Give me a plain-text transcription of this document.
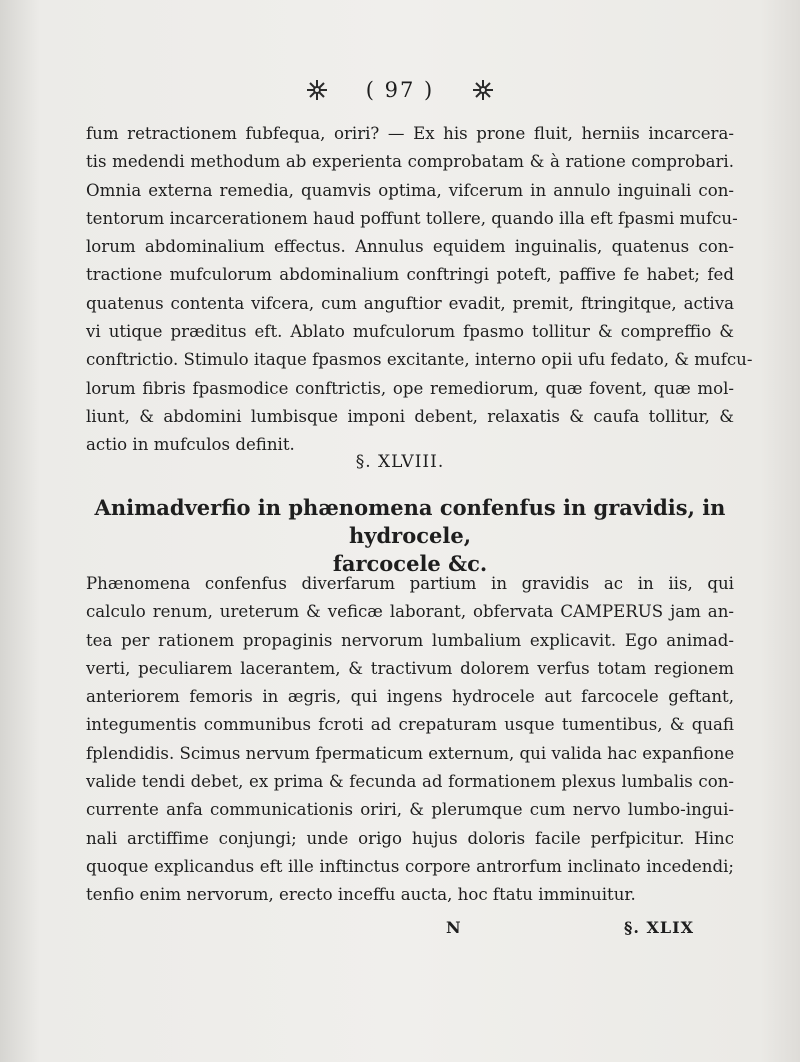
( 97 )
fum retractionem fubfequa, oriri? — Ex his prone fluit, herniis incarcera-
tis medendi methodum ab experienta comprobatam & à ratione comprobari.
Omnia externa remedia, quamvis optima, vifcerum in annulo inguinali con-
tentorum incarcerationem haud poffunt tollere, quando illa eft fpasmi mufcu-
lorum abdominalium effectus. Annulus equidem inguinalis, quatenus con-
tractione mufculorum abdominalium conftringi poteft, paffive fe habet; fed
quatenus contenta vifcera, cum anguftior evadit, premit, ftringitque, activa
vi utique præditus eft. Ablato mufculorum fpasmo tollitur & compreffio &
conftrictio. Stimulo itaque fpasmos excitante, interno opii ufu fedato, & mufcu-
lorum fibris fpasmodice conftrictis, ope remediorum, quæ fovent, quæ mol-
liunt, & abdomini lumbisque imponi debent, relaxatis & caufa tollitur, &
actio in mufculos definit.
§. XLVIII.
Animadverfio in phænomena confenfus in gravidis, in hydrocele,
farcocele &c.
Phænomena confenfus diverfarum partium in gravidis ac in iis, qui
calculo renum, ureterum & veficæ laborant, obfervata CAMPERUS jam an-
tea per rationem propaginis nervorum lumbalium explicavit. Ego animad-
verti, peculiarem lacerantem, & tractivum dolorem verfus totam regionem
anteriorem femoris in ægris, qui ingens hydrocele aut farcocele geftant,
integumentis communibus fcroti ad crepaturam usque tumentibus, & quafi
fplendidis. Scimus nervum fpermaticum externum, qui valida hac expanfione
valide tendi debet, ex prima & fecunda ad formationem plexus lumbalis con-
currente anfa communicationis oriri, & plerumque cum nervo lumbo-ingui-
nali arctiffime conjungi; unde origo hujus doloris facile perfpicitur. Hinc
quoque explicandus eft ille inftinctus corpore antrorfum inclinato incedendi;
tenfio enim nervorum, erecto inceffu aucta, hoc ftatu imminuitur.
N	§. XLIX
